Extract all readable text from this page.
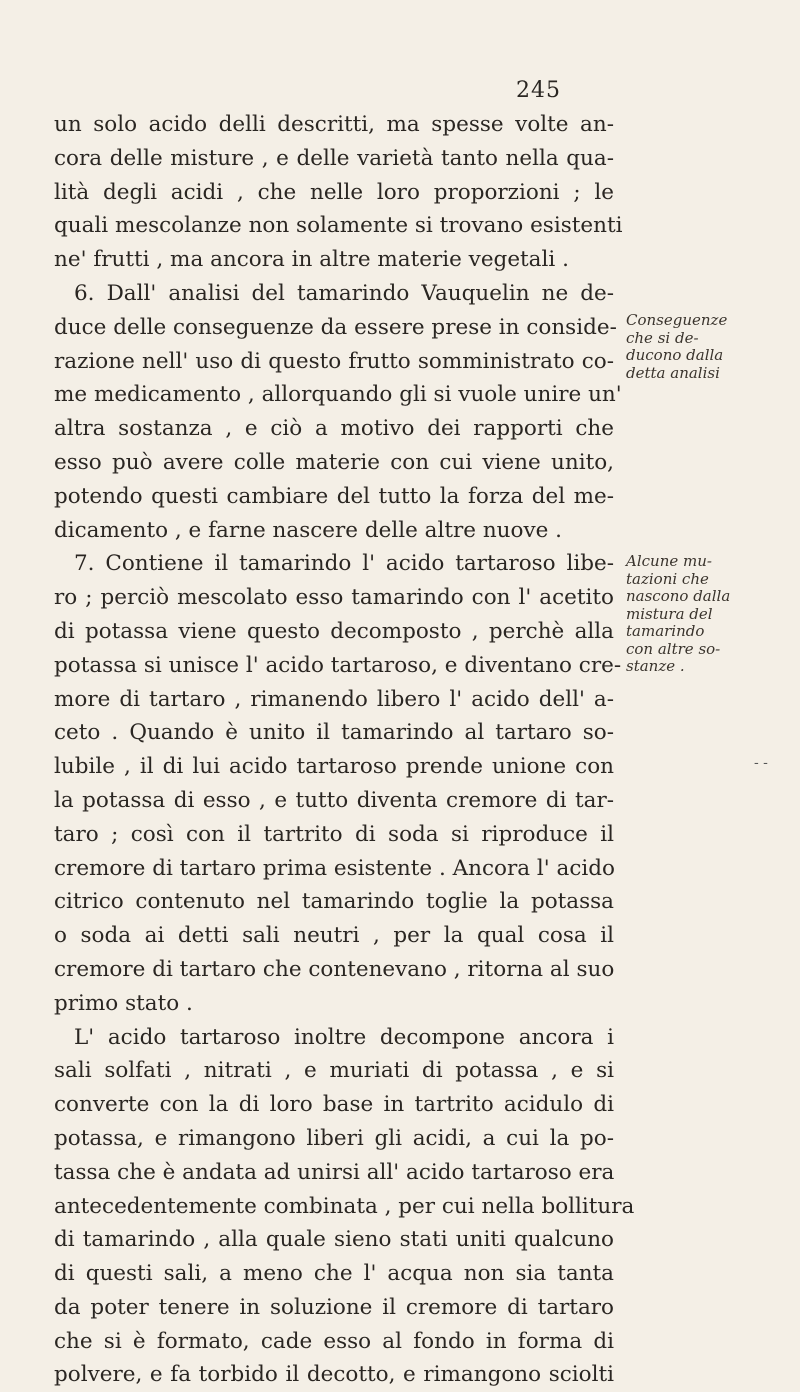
245
un solo acido delli descritti, ma spesse volte an-
cora delle misture , e delle varietà tanto nella qua-
lità degli acidi , che nelle loro proporzioni ; le
quali mescolanze non solamente si trovano esistenti
ne' frutti , ma ancora in altre materie vegetali .
6. Dall' analisi del tamarindo Vauquelin ne de-
duce delle conseguenze da essere prese in conside-
razione nell' uso di questo frutto somministrato co-
me medicamento , allorquando gli si vuole unire un'
altra sostanza , e ciò a motivo dei rapporti che
esso può avere colle materie con cui viene unito,
potendo questi cambiare del tutto la forza del me-
dicamento , e farne nascere delle altre nuove .
7. Contiene il tamarindo l' acido tartaroso libe-
ro ; perciò mescolato esso tamarindo con l' acetito
di potassa viene questo decomposto , perchè alla
potassa si unisce l' acido tartaroso, e diventano cre-
more di tartaro , rimanendo libero l' acido dell' a-
ceto . Quando è unito il tamarindo al tartaro so-
lubile , il di lui acido tartaroso prende unione con
la potassa di esso , e tutto diventa cremore di tar-
taro ; così con il tartrito di soda si riproduce il
cremore di tartaro prima esistente . Ancora l' acido
citrico contenuto nel tamarindo toglie la potassa
o soda ai detti sali neutri , per la qual cosa il
cremore di tartaro che contenevano , ritorna al suo
primo stato .
L' acido tartaroso inoltre decompone ancora i
sali solfati , nitrati , e muriati di potassa , e si
converte con la di loro base in tartrito acidulo di
potassa, e rimangono liberi gli acidi, a cui la po-
tassa che è andata ad unirsi all' acido tartaroso era
antecedentemente combinata , per cui nella bollitura
di tamarindo , alla quale sieno stati uniti qualcuno
di questi sali, a meno che l' acqua non sia tanta
da poter tenere in soluzione il cremore di tartaro
che si è formato, cade esso al fondo in forma di
polvere, e fa torbido il decotto, e rimangono sciolti
Conseguenze
che si de-
ducono dalla
detta analisi
Alcune mu-
tazioni che
nascono dalla
mistura del
tamarindo
con altre so-
stanze .
- -
